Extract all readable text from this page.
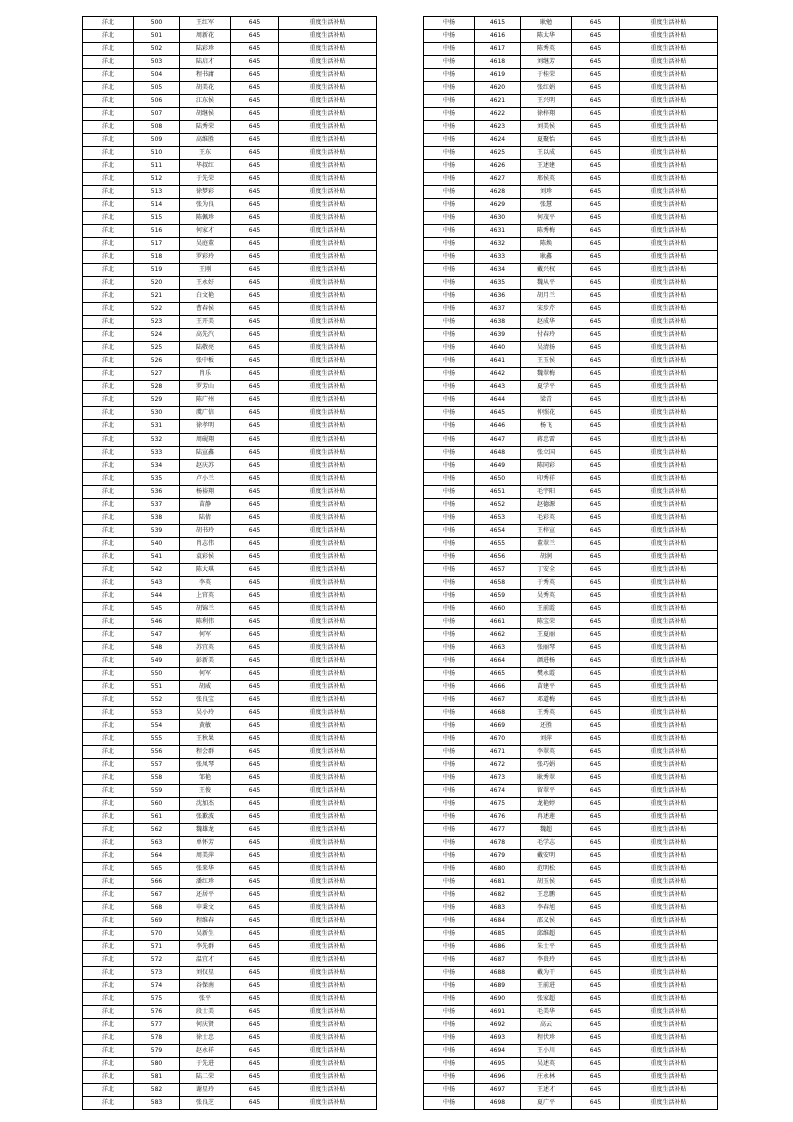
洋北	500	王红军	645	重度生活补贴
洋北	501	周新花	645	重度生活补贴
洋北	502	陆彩珍	645	重度生活补贴
洋北	503	陆启才	645	重度生活补贴
洋北	504	程书庸	645	重度生活补贴
洋北	505	胡美花	645	重度生活补贴
洋北	506	江东侯	645	重度生活补贴
洋北	507	胡继侯	645	重度生活补贴
洋北	508	陆秀荣	645	重度生活补贴
洋北	509	高维胜	645	重度生活补贴
洋北	510	王东	645	重度生活补贴
洋北	511	毕叔红	645	重度生活补贴
洋北	512	于先荣	645	重度生活补贴
洋北	513	徐梦彩	645	重度生活补贴
洋北	514	张为良	645	重度生活补贴
洋北	515	陈佩珍	645	重度生活补贴
洋北	516	何家才	645	重度生活补贴
洋北	517	吴庭董	645	重度生活补贴
洋北	518	罗彩玲	645	重度生活补贴
洋北	519	王刚	645	重度生活补贴
洋北	520	王永好	645	重度生活补贴
洋北	521	白文艳	645	重度生活补贴
洋北	522	曹春侯	645	重度生活补贴
洋北	523	王开美	645	重度生活补贴
洋北	524	高先汽	645	重度生活补贴
洋北	525	陆敬亮	645	重度生活补贴
洋北	526	张中板	645	重度生活补贴
洋北	527	肖乐	645	重度生活补贴
洋北	528	罗芳山	645	重度生活补贴
洋北	529	陈广州	645	重度生活补贴
洋北	530	虞广信	645	重度生活补贴
洋北	531	徐孝明	645	重度生活补贴
洋北	532	周砚翔	645	重度生活补贴
洋北	533	陆宣鑫	645	重度生活补贴
洋北	534	赵庆苏	645	重度生活补贴
洋北	535	卢小兰	645	重度生活补贴
洋北	536	杨裕翔	645	重度生活补贴
洋北	537	苗静	645	重度生活补贴
洋北	538	陆倩	645	重度生活补贴
洋北	539	胡书玲	645	重度生活补贴
洋北	540	肖志伟	645	重度生活补贴
洋北	541	袁彩侯	645	重度生活补贴
洋北	542	陈大琪	645	重度生活补贴
洋北	543	李英	645	重度生活补贴
洋北	544	上官英	645	重度生活补贴
洋北	545	胡锦兰	645	重度生活补贴
洋北	546	陈利伟	645	重度生活补贴
洋北	547	何军	645	重度生活补贴
洋北	548	苏宜英	645	重度生活补贴
洋北	549	彭新美	645	重度生活补贴
洋北	550	何军	645	重度生活补贴
洋北	551	胡威	645	重度生活补贴
洋北	552	张良宝	645	重度生活补贴
洋北	553	吴小玲	645	重度生活补贴
洋北	554	黄敏	645	重度生活补贴
洋北	555	王秋果	645	重度生活补贴
洋北	556	程会群	645	重度生活补贴
洋北	557	张凤琴	645	重度生活补贴
洋北	558	邹艳	645	重度生活补贴
洋北	559	王俊	645	重度生活补贴
洋北	560	沈加杰	645	重度生活补贴
洋北	561	张歉波	645	重度生活补贴
洋北	562	魏雄龙	645	重度生活补贴
洋北	563	单怀芳	645	重度生活补贴
洋北	564	周美萍	645	重度生活补贴
洋北	565	张来华	645	重度生活补贴
洋北	566	潘红珍	645	重度生活补贴
洋北	567	还居平	645	重度生活补贴
洋北	568	申秉文	645	重度生活补贴
洋北	569	程维春	645	重度生活补贴
洋北	570	吴新生	645	重度生活补贴
洋北	571	李先群	645	重度生活补贴
洋北	572	温宜才	645	重度生活补贴
洋北	573	刘仅星	645	重度生活补贴
洋北	574	谷保南	645	重度生活补贴
洋北	575	张平	645	重度生活补贴
洋北	576	段士美	645	重度生活补贴
洋北	577	何庆贤	645	重度生活补贴
洋北	578	徐士忠	645	重度生活补贴
洋北	579	赵永祥	645	重度生活补贴
洋北	580	于先进	645	重度生活补贴
洋北	581	陆二荣	645	重度生活补贴
洋北	582	谢星玲	645	重度生活补贴
洋北	583	张良芝	645	重度生活补贴
中扬	4615	耿勉	645	重度生活补贴
中扬	4616	陈太华	645	重度生活补贴
中扬	4617	陈秀英	645	重度生活补贴
中扬	4618	刘继芳	645	重度生活补贴
中扬	4619	于桂荣	645	重度生活补贴
中扬	4620	张红娟	645	重度生活补贴
中扬	4621	王兴明	645	重度生活补贴
中扬	4622	徐梓翔	645	重度生活补贴
中扬	4623	刘美侯	645	重度生活补贴
中扬	4624	夏聚怡	645	重度生活补贴
中扬	4625	王以成	645	重度生活补贴
中扬	4626	王述建	645	重度生活补贴
中扬	4627	邢侯英	645	重度生活补贴
中扬	4628	刘珍	645	重度生活补贴
中扬	4629	张慧	645	重度生活补贴
中扬	4630	何茂平	645	重度生活补贴
中扬	4631	陈秀梅	645	重度生活补贴
中扬	4632	陈焕	645	重度生活补贴
中扬	4633	耿鑫	645	重度生活补贴
中扬	4634	戴兴权	645	重度生活补贴
中扬	4635	魏从平	645	重度生活补贴
中扬	4636	胡月兰	645	重度生活补贴
中扬	4637	宋步芹	645	重度生活补贴
中扬	4638	赵成华	645	重度生活补贴
中扬	4639	付春玲	645	重度生活补贴
中扬	4640	吴清扬	645	重度生活补贴
中扬	4641	王玉侯	645	重度生活补贴
中扬	4642	魏翠梅	645	重度生活补贴
中扬	4643	夏学平	645	重度生活补贴
中扬	4644	梁青	645	重度生活补贴
中扬	4645	仲照花	645	重度生活补贴
中扬	4646	杨飞	645	重度生活补贴
中扬	4647	蒋忠雷	645	重度生活补贴
中扬	4648	张立国	645	重度生活补贴
中扬	4649	陈同彩	645	重度生活补贴
中扬	4650	印秀祥	645	重度生活补贴
中扬	4651	毛宇阳	645	重度生活补贴
中扬	4652	赵德源	645	重度生活补贴
中扬	4653	毛彩英	645	重度生活补贴
中扬	4654	王梓宣	645	重度生活补贴
中扬	4655	董翠兰	645	重度生活补贴
中扬	4656	胡润	645	重度生活补贴
中扬	4657	丁安全	645	重度生活补贴
中扬	4658	于秀英	645	重度生活补贴
中扬	4659	吴秀英	645	重度生活补贴
中扬	4660	王前霞	645	重度生活补贴
中扬	4661	陈宝荣	645	重度生活补贴
中扬	4662	王夏丽	645	重度生活补贴
中扬	4663	张丽琴	645	重度生活补贴
中扬	4664	颜进杨	645	重度生活补贴
中扬	4665	樊永霞	645	重度生活补贴
中扬	4666	苗建平	645	重度生活补贴
中扬	4667	邓道梅	645	重度生活补贴
中扬	4668	王秀英	645	重度生活补贴
中扬	4669	还胜	645	重度生活补贴
中扬	4670	刘萍	645	重度生活补贴
中扬	4671	李翠英	645	重度生活补贴
中扬	4672	张巧娟	645	重度生活补贴
中扬	4673	耿秀翠	645	重度生活补贴
中扬	4674	留翠平	645	重度生活补贴
中扬	4675	龙艳婷	645	重度生活补贴
中扬	4676	冉述莲	645	重度生活补贴
中扬	4677	魏超	645	重度生活补贴
中扬	4678	毛学志	645	重度生活补贴
中扬	4679	戴安明	645	重度生活补贴
中扬	4680	范明松	645	重度生活补贴
中扬	4681	胡玉侯	645	重度生活补贴
中扬	4682	王忠鹏	645	重度生活补贴
中扬	4683	李春旭	645	重度生活补贴
中扬	4684	邵义侯	645	重度生活补贴
中扬	4685	邱维超	645	重度生活补贴
中扬	4686	朱士平	645	重度生活补贴
中扬	4687	李贵玲	645	重度生活补贴
中扬	4688	戴为干	645	重度生活补贴
中扬	4689	王前进	645	重度生活补贴
中扬	4690	张家超	645	重度生活补贴
中扬	4691	毛美华	645	重度生活补贴
中扬	4692	高云	645	重度生活补贴
中扬	4693	程伏珍	645	重度生活补贴
中扬	4694	王小川	645	重度生活补贴
中扬	4695	吴述英	645	重度生活补贴
中扬	4696	庄永林	645	重度生活补贴
中扬	4697	王述才	645	重度生活补贴
中扬	4698	夏广平	645	重度生活补贴
